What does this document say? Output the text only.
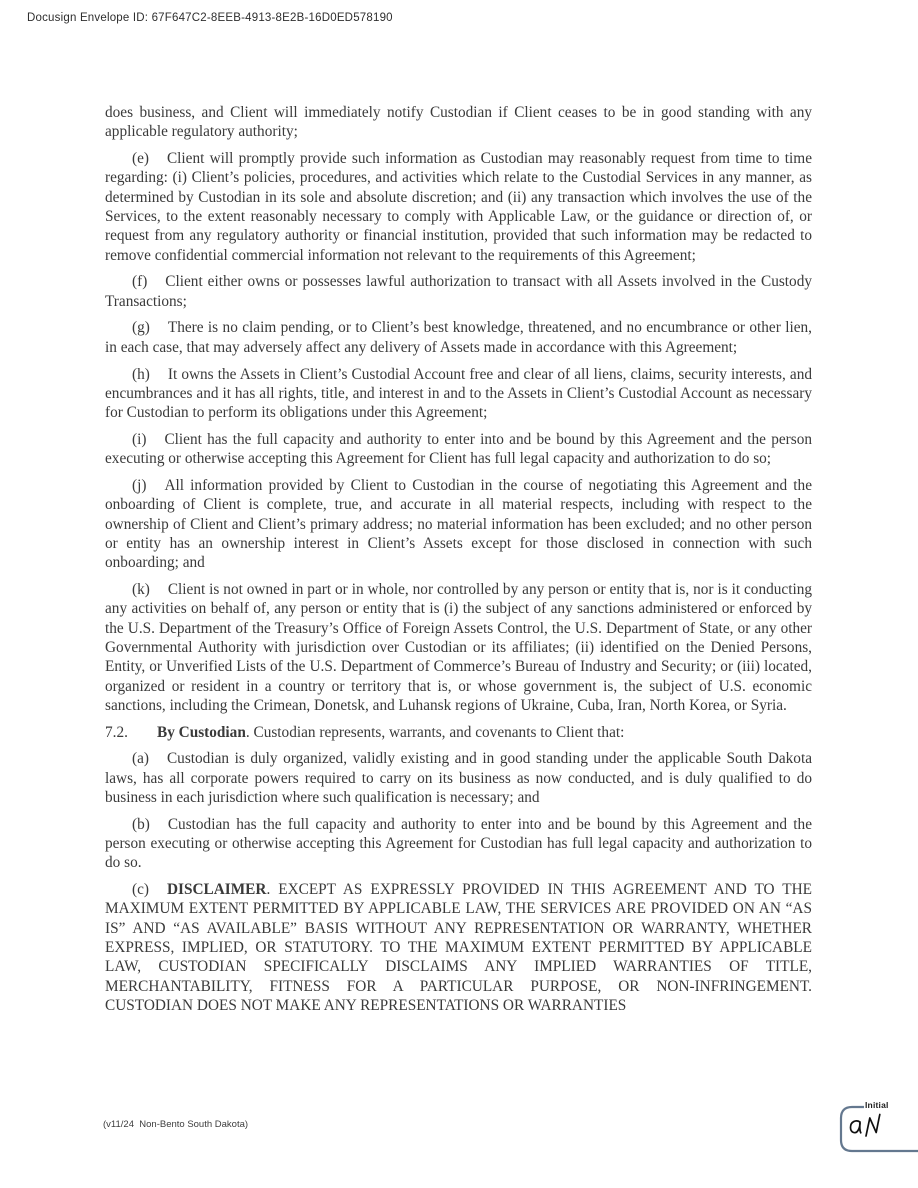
Docusign Envelope ID: 67F647C2-8EEB-4913-8E2B-16D0ED578190

does business, and Client will immediately notify Custodian if Client ceases to be in good standing with any applicable regulatory authority;

(e) Client will promptly provide such information as Custodian may reasonably request from time to time regarding: (i) Client’s policies, procedures, and activities which relate to the Custodial Services in any manner, as determined by Custodian in its sole and absolute discretion; and (ii) any transaction which involves the use of the Services, to the extent reasonably necessary to comply with Applicable Law, or the guidance or direction of, or request from any regulatory authority or financial institution, provided that such information may be redacted to remove confidential commercial information not relevant to the requirements of this Agreement;

(f) Client either owns or possesses lawful authorization to transact with all Assets involved in the Custody Transactions;

(g) There is no claim pending, or to Client’s best knowledge, threatened, and no encumbrance or other lien, in each case, that may adversely affect any delivery of Assets made in accordance with this Agreement;

(h) It owns the Assets in Client’s Custodial Account free and clear of all liens, claims, security interests, and encumbrances and it has all rights, title, and interest in and to the Assets in Client’s Custodial Account as necessary for Custodian to perform its obligations under this Agreement;

(i) Client has the full capacity and authority to enter into and be bound by this Agreement and the person executing or otherwise accepting this Agreement for Client has full legal capacity and authorization to do so;

(j) All information provided by Client to Custodian in the course of negotiating this Agreement and the onboarding of Client is complete, true, and accurate in all material respects, including with respect to the ownership of Client and Client’s primary address; no material information has been excluded; and no other person or entity has an ownership interest in Client’s Assets except for those disclosed in connection with such onboarding; and

(k) Client is not owned in part or in whole, nor controlled by any person or entity that is, nor is it conducting any activities on behalf of, any person or entity that is (i) the subject of any sanctions administered or enforced by the U.S. Department of the Treasury’s Office of Foreign Assets Control, the U.S. Department of State, or any other Governmental Authority with jurisdiction over Custodian or its affiliates; (ii) identified on the Denied Persons, Entity, or Unverified Lists of the U.S. Department of Commerce’s Bureau of Industry and Security; or (iii) located, organized or resident in a country or territory that is, or whose government is, the subject of U.S. economic sanctions, including the Crimean, Donetsk, and Luhansk regions of Ukraine, Cuba, Iran, North Korea, or Syria.

7.2. By Custodian. Custodian represents, warrants, and covenants to Client that:

(a) Custodian is duly organized, validly existing and in good standing under the applicable South Dakota laws, has all corporate powers required to carry on its business as now conducted, and is duly qualified to do business in each jurisdiction where such qualification is necessary; and

(b) Custodian has the full capacity and authority to enter into and be bound by this Agreement and the person executing or otherwise accepting this Agreement for Custodian has full legal capacity and authorization to do so.

(c) DISCLAIMER. EXCEPT AS EXPRESSLY PROVIDED IN THIS AGREEMENT AND TO THE MAXIMUM EXTENT PERMITTED BY APPLICABLE LAW, THE SERVICES ARE PROVIDED ON AN “AS IS” AND “AS AVAILABLE” BASIS WITHOUT ANY REPRESENTATION OR WARRANTY, WHETHER EXPRESS, IMPLIED, OR STATUTORY. TO THE MAXIMUM EXTENT PERMITTED BY APPLICABLE LAW, CUSTODIAN SPECIFICALLY DISCLAIMS ANY IMPLIED WARRANTIES OF TITLE, MERCHANTABILITY, FITNESS FOR A PARTICULAR PURPOSE, OR NON-INFRINGEMENT. CUSTODIAN DOES NOT MAKE ANY REPRESENTATIONS OR WARRANTIES

(v11/24  Non-Bento South Dakota)
Initial
